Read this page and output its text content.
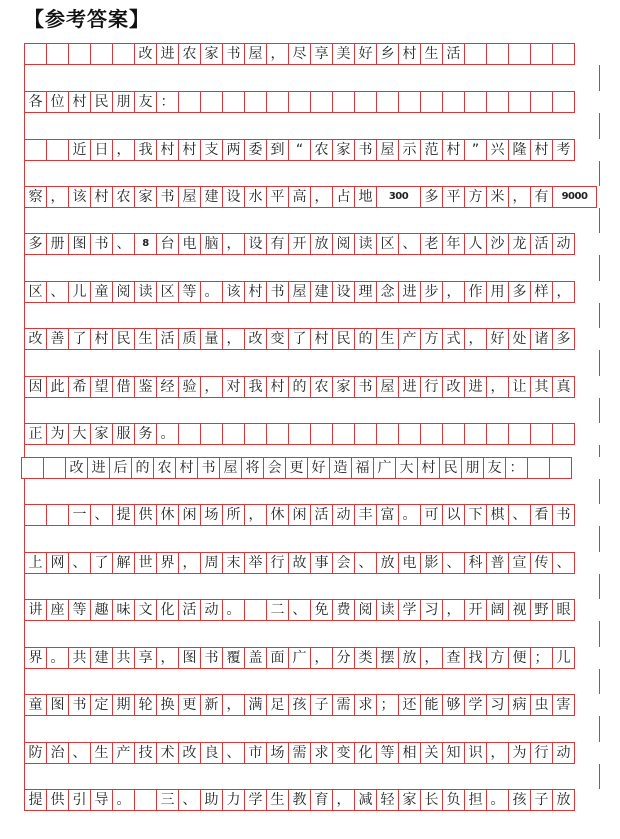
【参考答案】
改 进 农 家 书 屋 ， 尽 享 美 好 乡 村 生 活
各 位 村 民 朋 友 ：
近 日 ， 我 村 村 支 两 委 到 “ 农 家 书 屋 示 范 村 ” 兴 隆 村 考
察 ， 该 村 农 家 书 屋 建 设 水 平 高 ， 占 地	300	多 平 方 米 ， 有	9000
多 册 图 书 、	8 台 电 脑 ， 设 有 开 放 阅 读 区 、 老 年 人 沙 龙 活 动
区 、 儿 童 阅 读 区 等 。 该 村 书 屋 建 设 理 念 进 步 ， 作 用 多 样 ，
改 善 了 村 民 生 活 质 量 ， 改 变 了 村 民 的 生 产 方 式 ， 好 处 诸 多
因 此 希 望 借 鉴 经 验 ， 对 我 村 的 农 家 书 屋 进 行 改 进 ， 让 其 真
正 为 大 家 服 务 。
改 进 后 的 农 村 书 屋 将 会 更 好 造 福 广 大 村 民 朋 友 ：
一 、 提 供 休 闲 场 所 ， 休 闲 活 动 丰 富 。 可 以 下 棋 、 看 书
上 网 、 了 解 世 界 ， 周 末 举 行 故 事 会 、 放 电 影 、 科 普 宣 传 、
讲 座 等 趣 味 文 化 活 动 。	二 、 免 费 阅 读 学 习 ， 开 阔 视 野 眼
界 。 共 建 共 享 ， 图 书 覆 盖 面 广 ， 分 类 摆 放 ， 查 找 方 便 ； 儿
童 图 书 定 期 轮 换 更 新 ， 满 足 孩 子 需 求 ； 还 能 够 学 习 病 虫 害
防 治 、 生 产 技 术 改 良 、 市 场 需 求 变 化 等 相 关 知 识 ， 为 行 动
提 供 引 导 。	三 、 助 力 学 生 教 育 ， 减 轻 家 长 负 担 。 孩 子 放
